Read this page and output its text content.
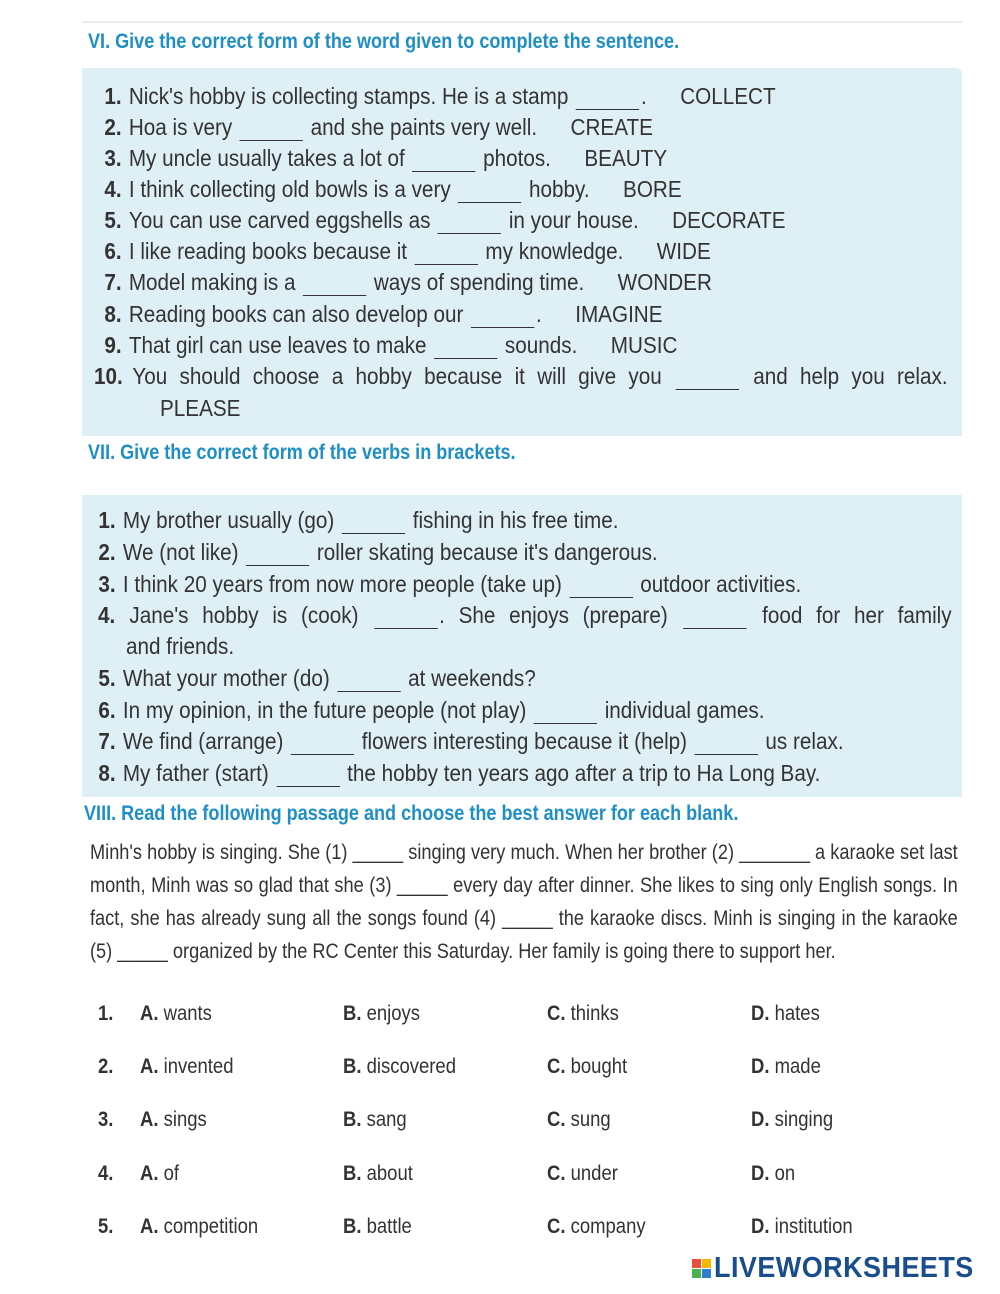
VI. Give the correct form of the word given to complete the sentence.
1. Nick's hobby is collecting stamps. He is a stamp	. COLLECT
2. Hoa is very	and she paints very well. CREATE
3. My uncle usually takes a lot of	photos. BEAUTY
4. I think collecting old bowls is a very	hobby. BORE
5. You can use carved eggshells as	in your house. DECORATE
6. I like reading books because it	my knowledge. WIDE
7. Model making is a	ways of spending time. WONDER
8. Reading books can also develop our	. IMAGINE
9. That girl can use leaves to make	sounds. MUSIC
10. You should choose a hobby because it will give you	and help you relax.
PLEASE
VII. Give the correct form of the verbs in brackets.
1. My brother usually (go)	fishing in his free time.
2. We (not like)	roller skating because it's dangerous.
3. I think 20 years from now more people (take up)	outdoor activities.
4. Jane's hobby is (cook)	. She enjoys (prepare)	food for her family
and friends.
5. What your mother (do)	at weekends?
6. In my opinion, in the future people (not play)	individual games.
7. We find (arrange)	flowers interesting because it (help)	us relax.
8. My father (start)	the hobby ten years ago after a trip to Ha Long Bay.
VIII. Read the following passage and choose the best answer for each blank.
Minh's hobby is singing. She (1) _____ singing very much. When her brother (2) _______ a karaoke set last month, Minh was so glad that she (3) _____ every day after dinner. She likes to sing only English songs. In fact, she has already sung all the songs found (4) _____ the karaoke discs. Minh is singing in the karaoke (5) _____ organized by the RC Center this Saturday. Her family is going there to support her.
1. A. wants	B. enjoys	C. thinks	D. hates
2. A. invented	B. discovered	C. bought	D. made
3. A. sings	B. sang	C. sung	D. singing
4. A. of	B. about	C. under	D. on
5. A. competition	B. battle	C. company	D. institution
LIVEWORKSHEETS
